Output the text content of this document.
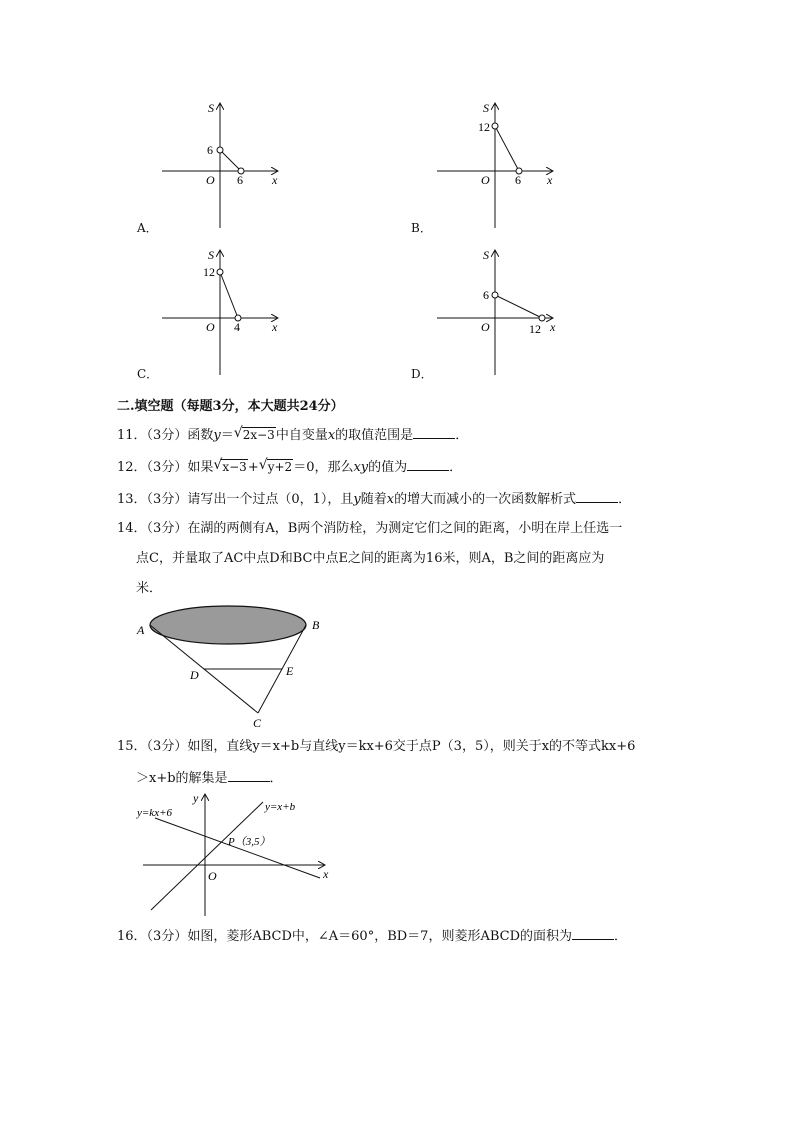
S
x
O
6
6
A．
S
x
O
12
6
B．
S
x
O
12
4
C．
S
x
O
6
12
D．
二.填空题（每题3分，本大题共24分）
11．（3分）函数y＝ √ 2x−3中自变量x的取值范围是	．
12．（3分）如果 √ x−3+ √ y+2＝0，那么xy的值为	．
13．（3分）请写出一个过点（0，1），且y随着x的增大而减小的一次函数解析式	．
14．（3分）在湖的两侧有A，B两个消防栓，为测定它们之间的距离，小明在岸上任选一
点C，并量取了AC中点D和BC中点E之间的距离为16米，则A，B之间的距离应为
米．
A	B
C
D	E
15．（3分）如图，直线y＝x+b与直线y＝kx+6交于点P（3，5），则关于x的不等式kx+6
＞x+b的解集是	．
y=kx+6	y=x+b
P（3,5）
O	x
y
16．（3分）如图，菱形ABCD中，∠A＝60°，BD＝7，则菱形ABCD的面积为	．
